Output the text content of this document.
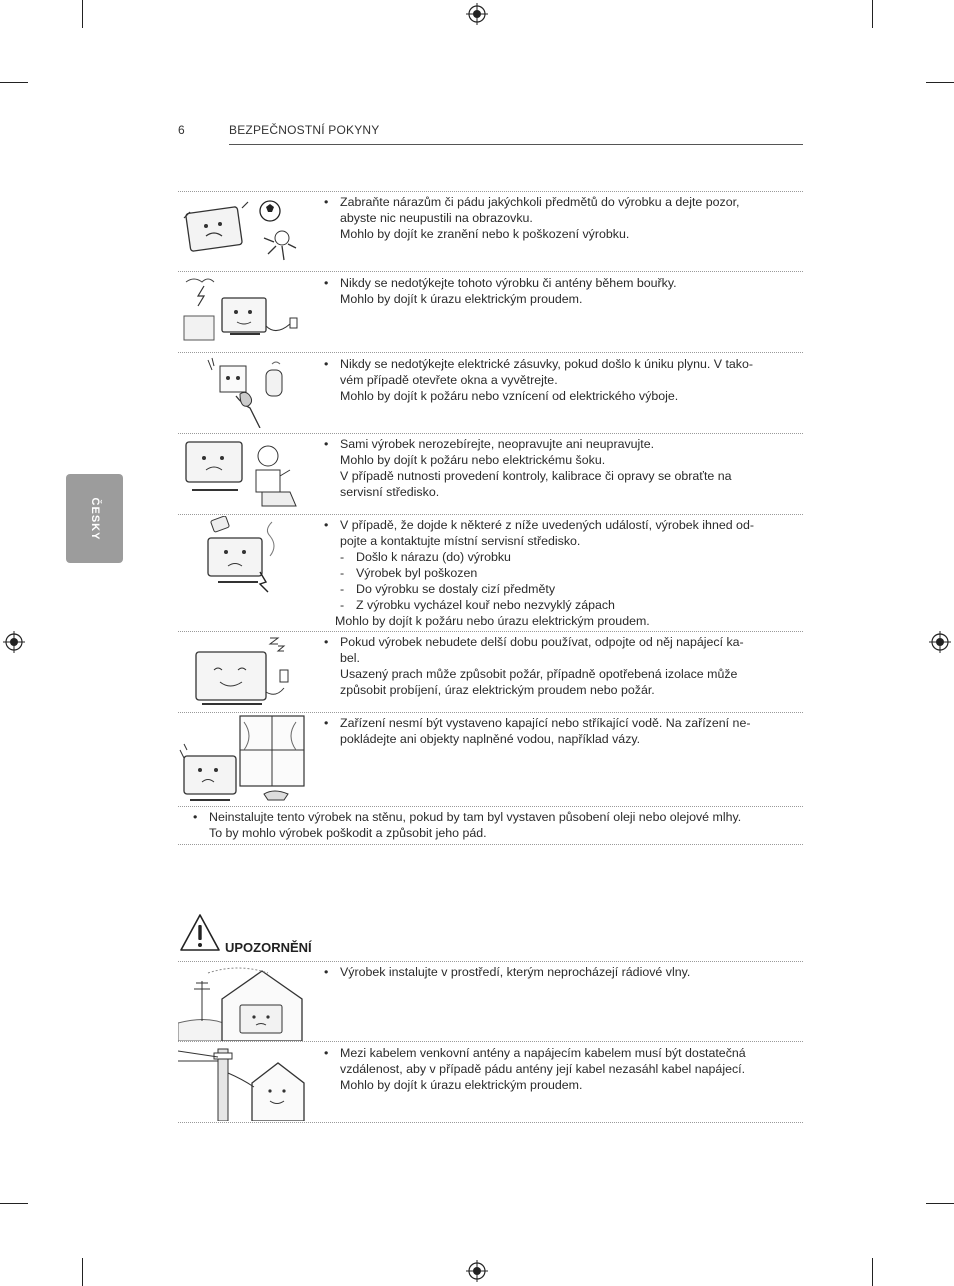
6	BEZPEČNOSTNÍ POKYNY
ČESKY
• Zabraňte nárazům či pádu jakýchkoli předmětů do výrobku a dejte pozor,
abyste nic neupustili na obrazovku.
Mohlo by dojít ke zranění nebo k poškození výrobku.
• Nikdy se nedotýkejte tohoto výrobku či antény během bouřky.
Mohlo by dojít k úrazu elektrickým proudem.
• Nikdy se nedotýkejte elektrické zásuvky, pokud došlo k úniku plynu. V tako-
vém případě otevřete okna a vyvětrejte.
Mohlo by dojít k požáru nebo vznícení od elektrického výboje.
• Sami výrobek nerozebírejte, neopravujte ani neupravujte.
Mohlo by dojít k požáru nebo elektrickému šoku.
V případě nutnosti provedení kontroly, kalibrace či opravy se obraťte na
servisní středisko.
• V případě, že dojde k některé z níže uvedených událostí, výrobek ihned od-
pojte a kontaktujte místní servisní středisko.
- Došlo k nárazu (do) výrobku
- Výrobek byl poškozen
- Do výrobku se dostaly cizí předměty
- Z výrobku vycházel kouř nebo nezvyklý zápach
Mohlo by dojít k požáru nebo úrazu elektrickým proudem.
• Pokud výrobek nebudete delší dobu používat, odpojte od něj napájecí ka-
bel.
Usazený prach může způsobit požár, případně opotřebená izolace může
způsobit probíjení, úraz elektrickým proudem nebo požár.
• Zařízení nesmí být vystaveno kapající nebo stříkající vodě. Na zařízení ne-
pokládejte ani objekty naplněné vodou, například vázy.
• Neinstalujte tento výrobek na stěnu, pokud by tam byl vystaven působení oleji nebo olejové mlhy.
To by mohlo výrobek poškodit a způsobit jeho pád.
UPOZORNĚNÍ
• Výrobek instalujte v prostředí, kterým neprocházejí rádiové vlny.
• Mezi kabelem venkovní antény a napájecím kabelem musí být dostatečná
vzdálenost, aby v případě pádu antény její kabel nezasáhl kabel napájecí.
Mohlo by dojít k úrazu elektrickým proudem.
